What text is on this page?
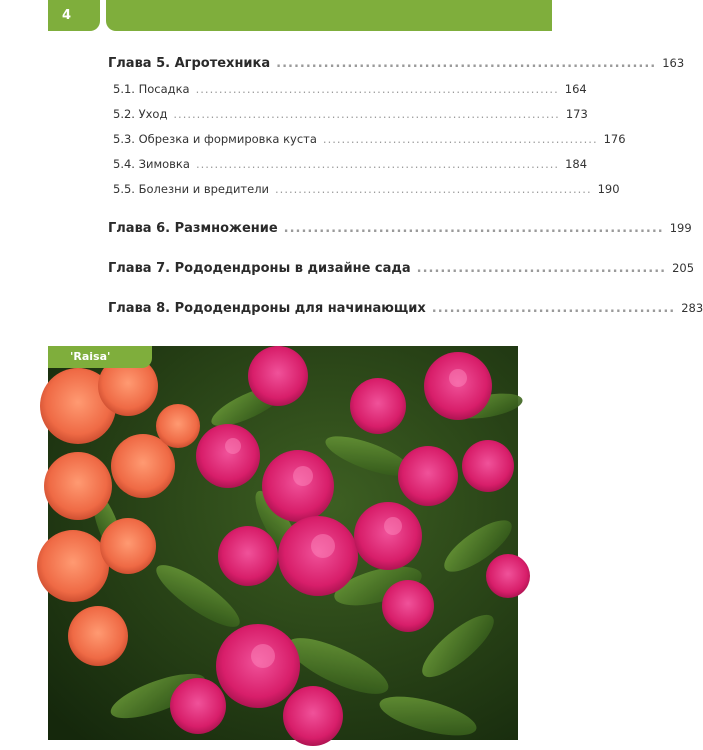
4
Глава 5. Агротехника ................................................................ 163
5.1. Посадка .............................................................................. 164
5.2. Уход ................................................................................... 173
5.3. Обрезка и формировка куста ........................................................... 176
5.4. Зимовка .............................................................................. 184
5.5. Болезни и вредители .................................................................... 190
Глава 6. Размножение ................................................................ 199
Глава 7. Рододендроны в дизайне сада .......................................... 205
Глава 8. Рододендроны для начинающих ......................................... 283
'Raisa'
